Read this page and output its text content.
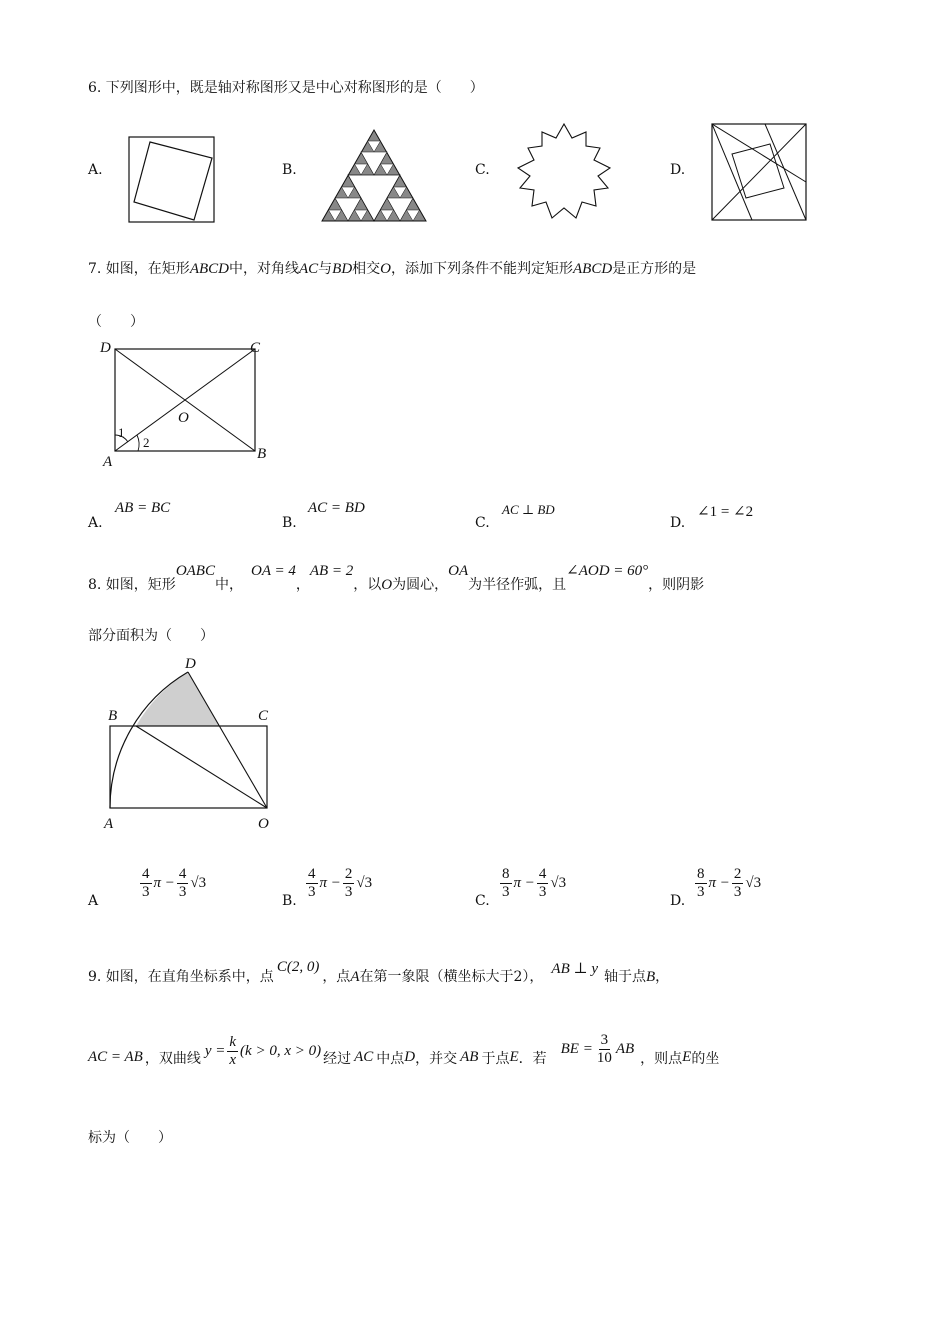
6. 下列图形中，既是轴对称图形又是中心对称图形的是（　　）
A.	B.	C.	D.
7. 如图，在矩形ABCD中，对角线AC与BD相交O，添加下列条件不能判定矩形ABCD是正方形的是
（　　）
D	C
O
A	B
1
2
A.
AB = BC
B.
AC = BD
C.
AC ⊥ BD
D.
∠1 = ∠2
8. 如图，矩形OABC中，OA = 4，AB = 2，以O为圆心，OA为半径作弧，且∠AOD = 60°，则阴影
部分面积为（　　）
D
B	C
A	O
A	$\frac{4}{3}$ $\pi - \frac{4}{3} √3$
B. $\frac{4}{3}$ $\pi - \frac{2}{3} √3$
C. $\frac{8}{3}$ $\pi - \frac{4}{3} √3$
D. $\frac{8}{3}$ $\pi - \frac{2}{3} √3$
9. 如图，在直角坐标系中，点C(2, 0)，点A在第一象限（横坐标大于2）， AB ⊥ y 轴于点B，
AC = AB ，双曲线 $y = \frac{k}{x} (k > 0$, x > 0) 经过 AC 中点 D ，并交 AB 于点 E ．若
BE = $\frac{3}{10}$ AB
，则点 E 的坐
标为（　　）
